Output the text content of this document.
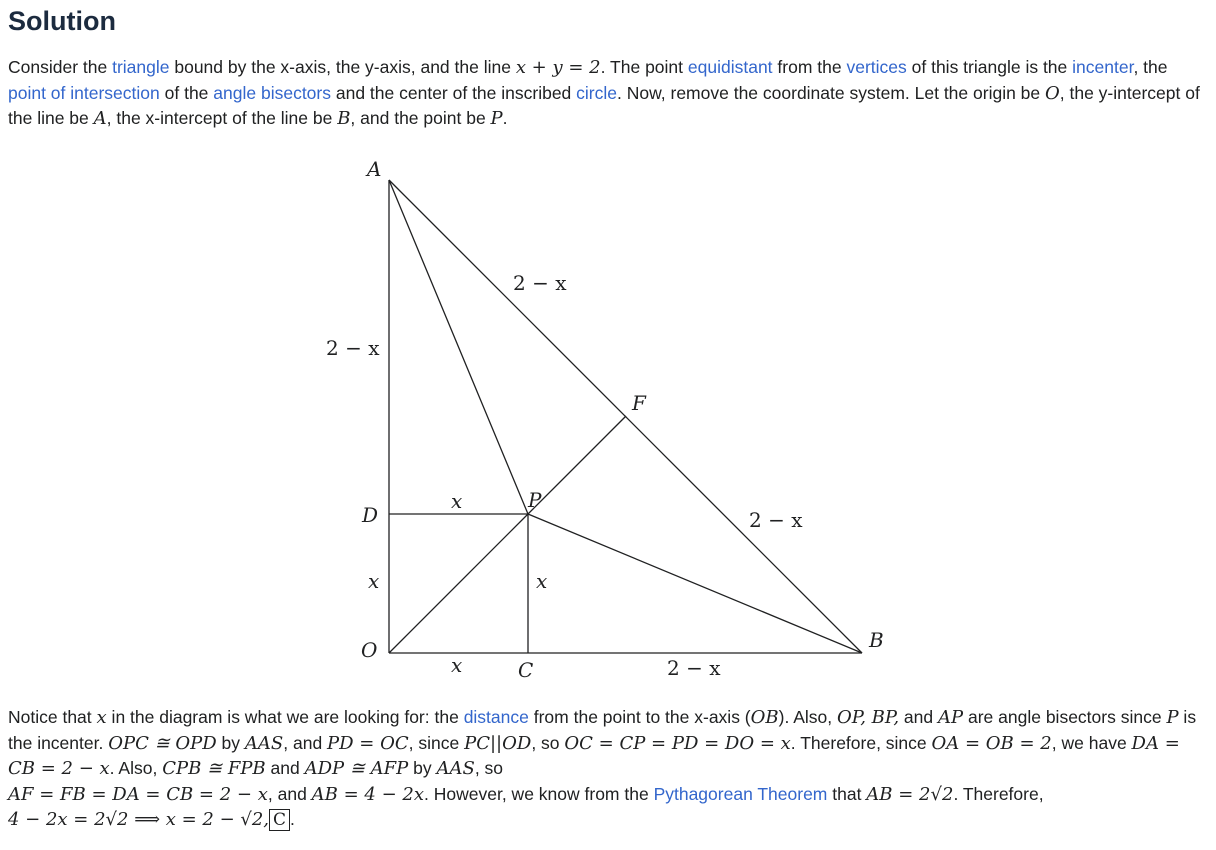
Solution

Consider the triangle bound by the x-axis, the y-axis, and the line x + y = 2. The point equidistant from the vertices of this triangle is the incenter, the point of intersection of the angle bisectors and the center of the inscribed circle. Now, remove the coordinate system. Let the origin be O, the y-intercept of the line be A, the x-intercept of the line be B, and the point be P.

Notice that x in the diagram is what we are looking for: the distance from the point to the x-axis (OB). Also, OP, BP, and AP are angle bisectors since P is the incenter. OPC ≅ OPD by AAS, and PD = OC, since PC||OD, so OC = CP = PD = DO = x. Therefore, since OA = OB = 2, we have DA = CB = 2 − x. Also, CPB ≅ FPB and ADP ≅ AFP by AAS, so
AF = FB = DA = CB = 2 − x, and AB = 4 − 2x. However, we know from the Pythagorean Theorem that AB = 2√2. Therefore,
4 − 2x = 2√2 ⟹ x = 2 − √2, C .

A
D
O
C
B
F
P
2 − x
2 − x
x
x	x
2 − x
x	2 − x
